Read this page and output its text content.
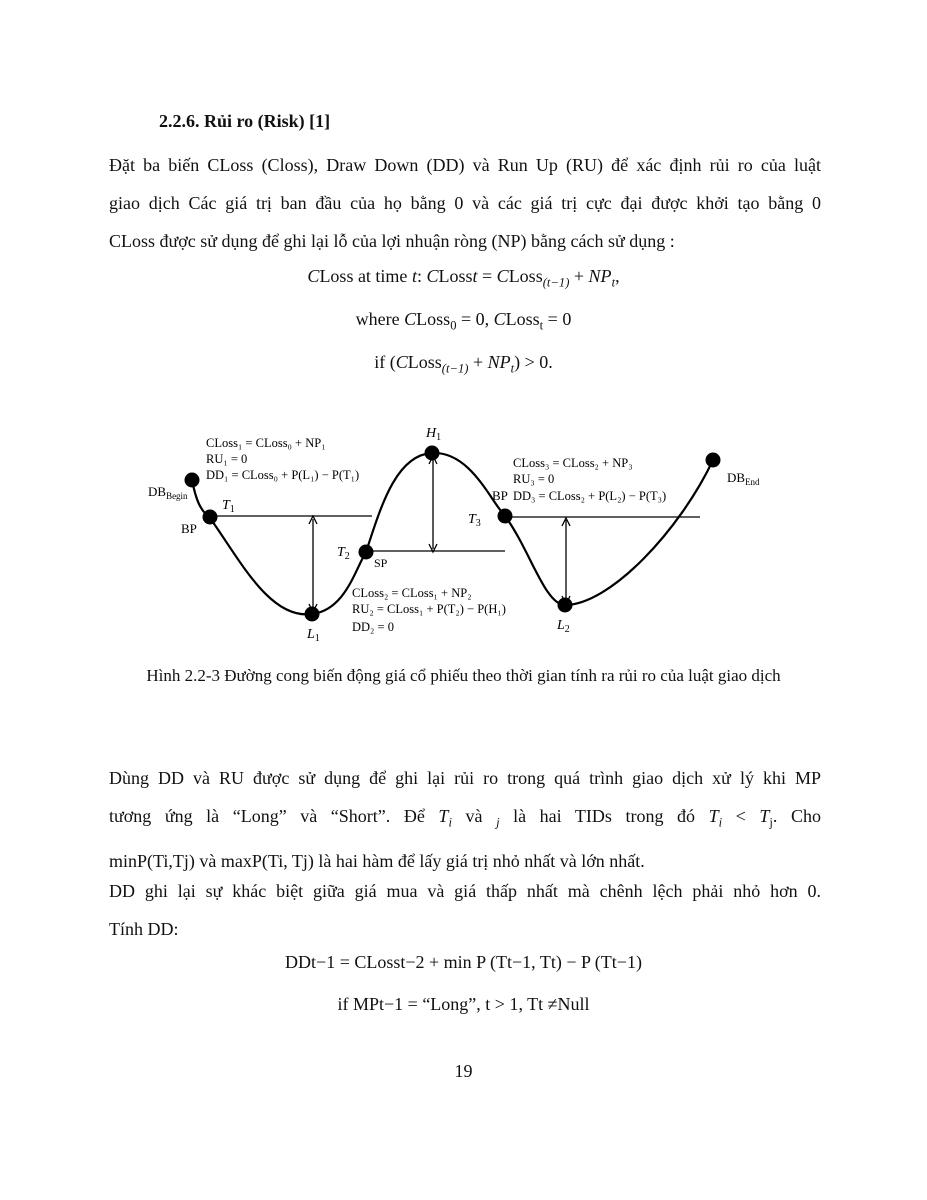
2.2.6. Rủi ro (Risk) [1]
Đặt ba biến CLoss (Closs), Draw Down (DD) và Run Up (RU) để xác định rủi ro của luật
giao dịch Các giá trị ban đầu của họ bằng 0 và các giá trị cực đại được khởi tạo bằng 0
CLoss được sử dụng để ghi lại lỗ của lợi nhuận ròng (NP) bằng cách sử dụng :
CLoss at time t: CLosst = CLoss$_{(t-1)}$ + $NP_t$,
where CLoss$_0$ = 0, CLoss$_t$ = 0
if (CLoss$_{(t-1)}$ + $NP_t) > 0$.
$DB_{Begin}$
$T_1$
BP
$L_1$
$T_2$ SP
$H_1$
$T_3$
BP
$L_2$
$DB_{End}$
CLoss₁ = CLoss₀ + NP₁
RU₁ = 0
DD₁ = CLoss₀ + P(L₁) − P(T₁)
CLoss₃ = CLoss₂ + NP₃
RU₃ = 0
DD₃ = CLoss₂ + P(L₂) − P(T₃)
CLoss₂ = CLoss₁ + NP₂
RU₂ = CLoss₁ + P(T₂) − P(H₁)
DD₂ = 0
Hình 2.2-3 Đường cong biến động giá cổ phiếu theo thời gian tính ra rủi ro của luật giao dịch
Dùng DD và RU được sử dụng để ghi lại rủi ro trong quá trình giao dịch xử lý khi MP
tương ứng là “Long” và “Short”. Để $T_i$ và $_j$ là hai TIDs trong đó $T_i < T_j$. Cho
minP(Ti,Tj) và maxP(Ti, Tj) là hai hàm để lấy giá trị nhỏ nhất và lớn nhất.
DD ghi lại sự khác biệt giữa giá mua và giá thấp nhất mà chênh lệch phải nhỏ hơn 0.
Tính DD:
DDt−1 = CLosst−2 + min P (Tt−1, Tt) − P (Tt−1)
if MPt−1 = “Long”, t > 1, Tt ≠Null
19
